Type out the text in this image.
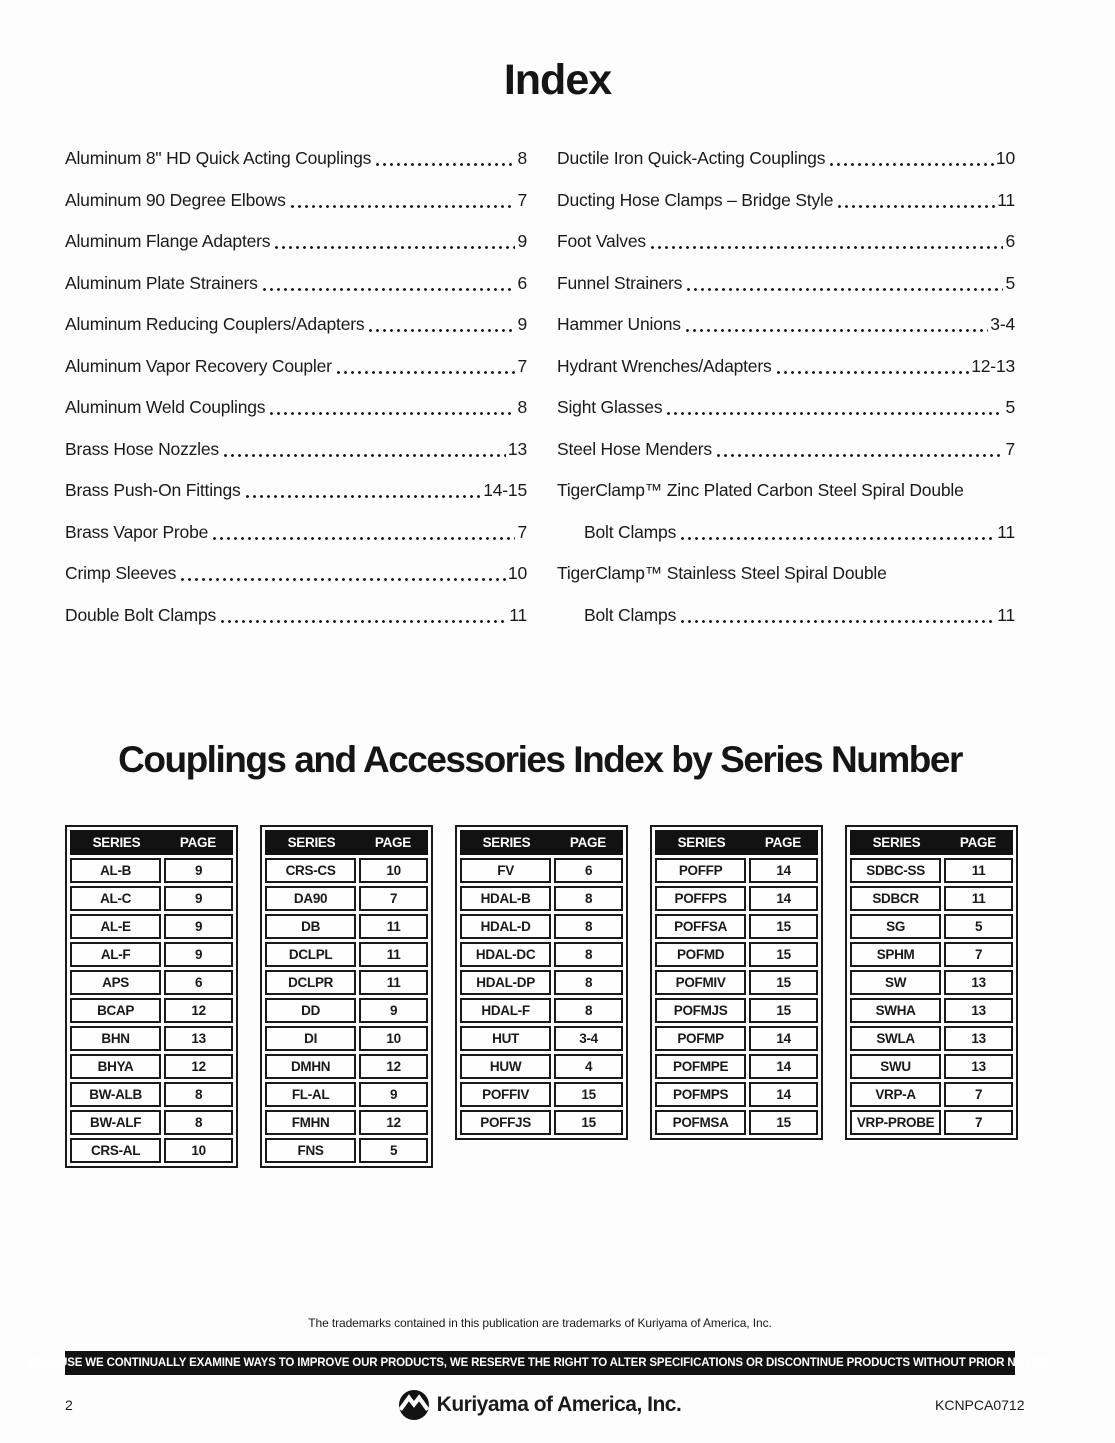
Index
Aluminum 8" HD Quick Acting Couplings	8
Aluminum 90 Degree Elbows	7
Aluminum Flange Adapters	9
Aluminum Plate Strainers	6
Aluminum Reducing Couplers/Adapters	9
Aluminum Vapor Recovery Coupler	7
Aluminum Weld Couplings	8
Brass Hose Nozzles	13
Brass Push-On Fittings	14-15
Brass Vapor Probe	7
Crimp Sleeves	10
Double Bolt Clamps	11
Ductile Iron Quick-Acting Couplings	10
Ducting Hose Clamps – Bridge Style	11
Foot Valves	6
Funnel Strainers	5
Hammer Unions	3-4
Hydrant Wrenches/Adapters	12-13
Sight Glasses	5
Steel Hose Menders	7
TigerClamp™ Zinc Plated Carbon Steel Spiral Double
Bolt Clamps	11
TigerClamp™ Stainless Steel Spiral Double
Bolt Clamps	11
Couplings and Accessories Index by Series Number
SERIES PAGE	

AL-B	9
AL-C	9
AL-E	9
AL-F	9
APS	6
BCAP	12
BHN	13
BHYA	12
BW-ALB	8
BW-ALF	8
CRS-AL	10
SERIES PAGE	

CRS-CS	10
DA90	7
DB	11
DCLPL	11
DCLPR	11
DD	9
DI	10
DMHN	12
FL-AL	9
FMHN	12
FNS	5
SERIES PAGE	

FV	6
HDAL-B	8
HDAL-D	8
HDAL-DC	8
HDAL-DP	8
HDAL-F	8
HUT	3-4
HUW	4
POFFIV	15
POFFJS	15
SERIES PAGE	

POFFP	14
POFFPS	14
POFFSA	15
POFMD	15
POFMIV	15
POFMJS	15
POFMP	14
POFMPE	14
POFMPS	14
POFMSA	15
SERIES PAGE	

SDBC-SS	11
SDBCR	11
SG	5
SPHM	7
SW	13
SWHA	13
SWLA	13
SWU	13
VRP-A	7
VRP-PROBE	7
The trademarks contained in this publication are trademarks of Kuriyama of America, Inc.
BECAUSE WE CONTINUALLY EXAMINE WAYS TO IMPROVE OUR PRODUCTS, WE RESERVE THE RIGHT TO ALTER SPECIFICATIONS OR DISCONTINUE PRODUCTS WITHOUT PRIOR NOTICE.
2	Kuriyama of America, Inc.	KCNPCA0712
